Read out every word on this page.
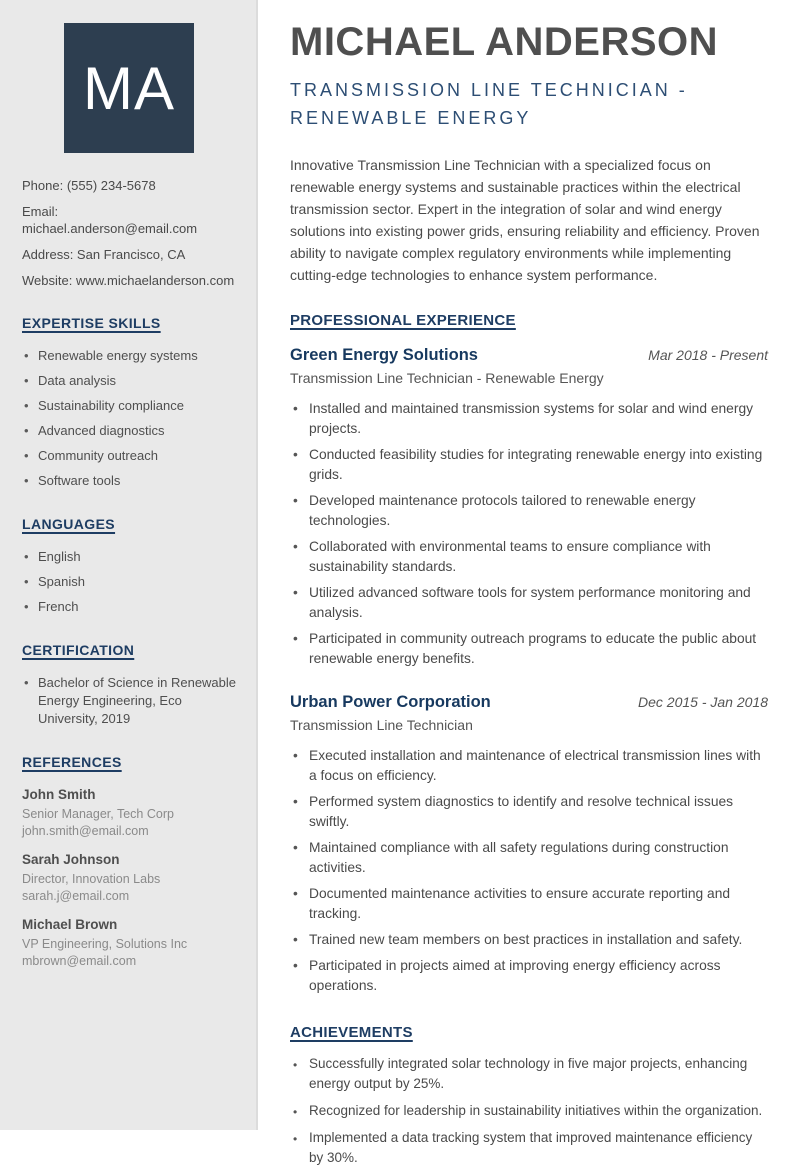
MA
Phone: (555) 234-5678
Email: michael.anderson@email.com
Address: San Francisco, CA
Website: www.michaelanderson.com
EXPERTISE SKILLS
• Renewable energy systems
• Data analysis
• Sustainability compliance
• Advanced diagnostics
• Community outreach
• Software tools
LANGUAGES
• English
• Spanish
• French
CERTIFICATION
• Bachelor of Science in Renewable Energy Engineering, Eco University, 2019
REFERENCES
John Smith
Senior Manager, Tech Corp
john.smith@email.com
Sarah Johnson
Director, Innovation Labs
sarah.j@email.com
Michael Brown
VP Engineering, Solutions Inc
mbrown@email.com
MICHAEL ANDERSON
TRANSMISSION LINE TECHNICIAN - RENEWABLE ENERGY

Innovative Transmission Line Technician with a specialized focus on renewable energy systems and sustainable practices within the electrical transmission sector. Expert in the integration of solar and wind energy solutions into existing power grids, ensuring reliability and efficiency. Proven ability to navigate complex regulatory environments while implementing cutting-edge technologies to enhance system performance.

PROFESSIONAL EXPERIENCE
Green Energy Solutions	Mar 2018 - Present
Transmission Line Technician - Renewable Energy
• Installed and maintained transmission systems for solar and wind energy projects.
• Conducted feasibility studies for integrating renewable energy into existing grids.
• Developed maintenance protocols tailored to renewable energy technologies.
• Collaborated with environmental teams to ensure compliance with sustainability standards.
• Utilized advanced software tools for system performance monitoring and analysis.
• Participated in community outreach programs to educate the public about renewable energy benefits.
Urban Power Corporation	Dec 2015 - Jan 2018
Transmission Line Technician
• Executed installation and maintenance of electrical transmission lines with a focus on efficiency.
• Performed system diagnostics to identify and resolve technical issues swiftly.
• Maintained compliance with all safety regulations during construction activities.
• Documented maintenance activities to ensure accurate reporting and tracking.
• Trained new team members on best practices in installation and safety.
• Participated in projects aimed at improving energy efficiency across operations.
ACHIEVEMENTS
• Successfully integrated solar technology in five major projects, enhancing energy output by 25%.
• Recognized for leadership in sustainability initiatives within the organization.
• Implemented a data tracking system that improved maintenance efficiency by 30%.
